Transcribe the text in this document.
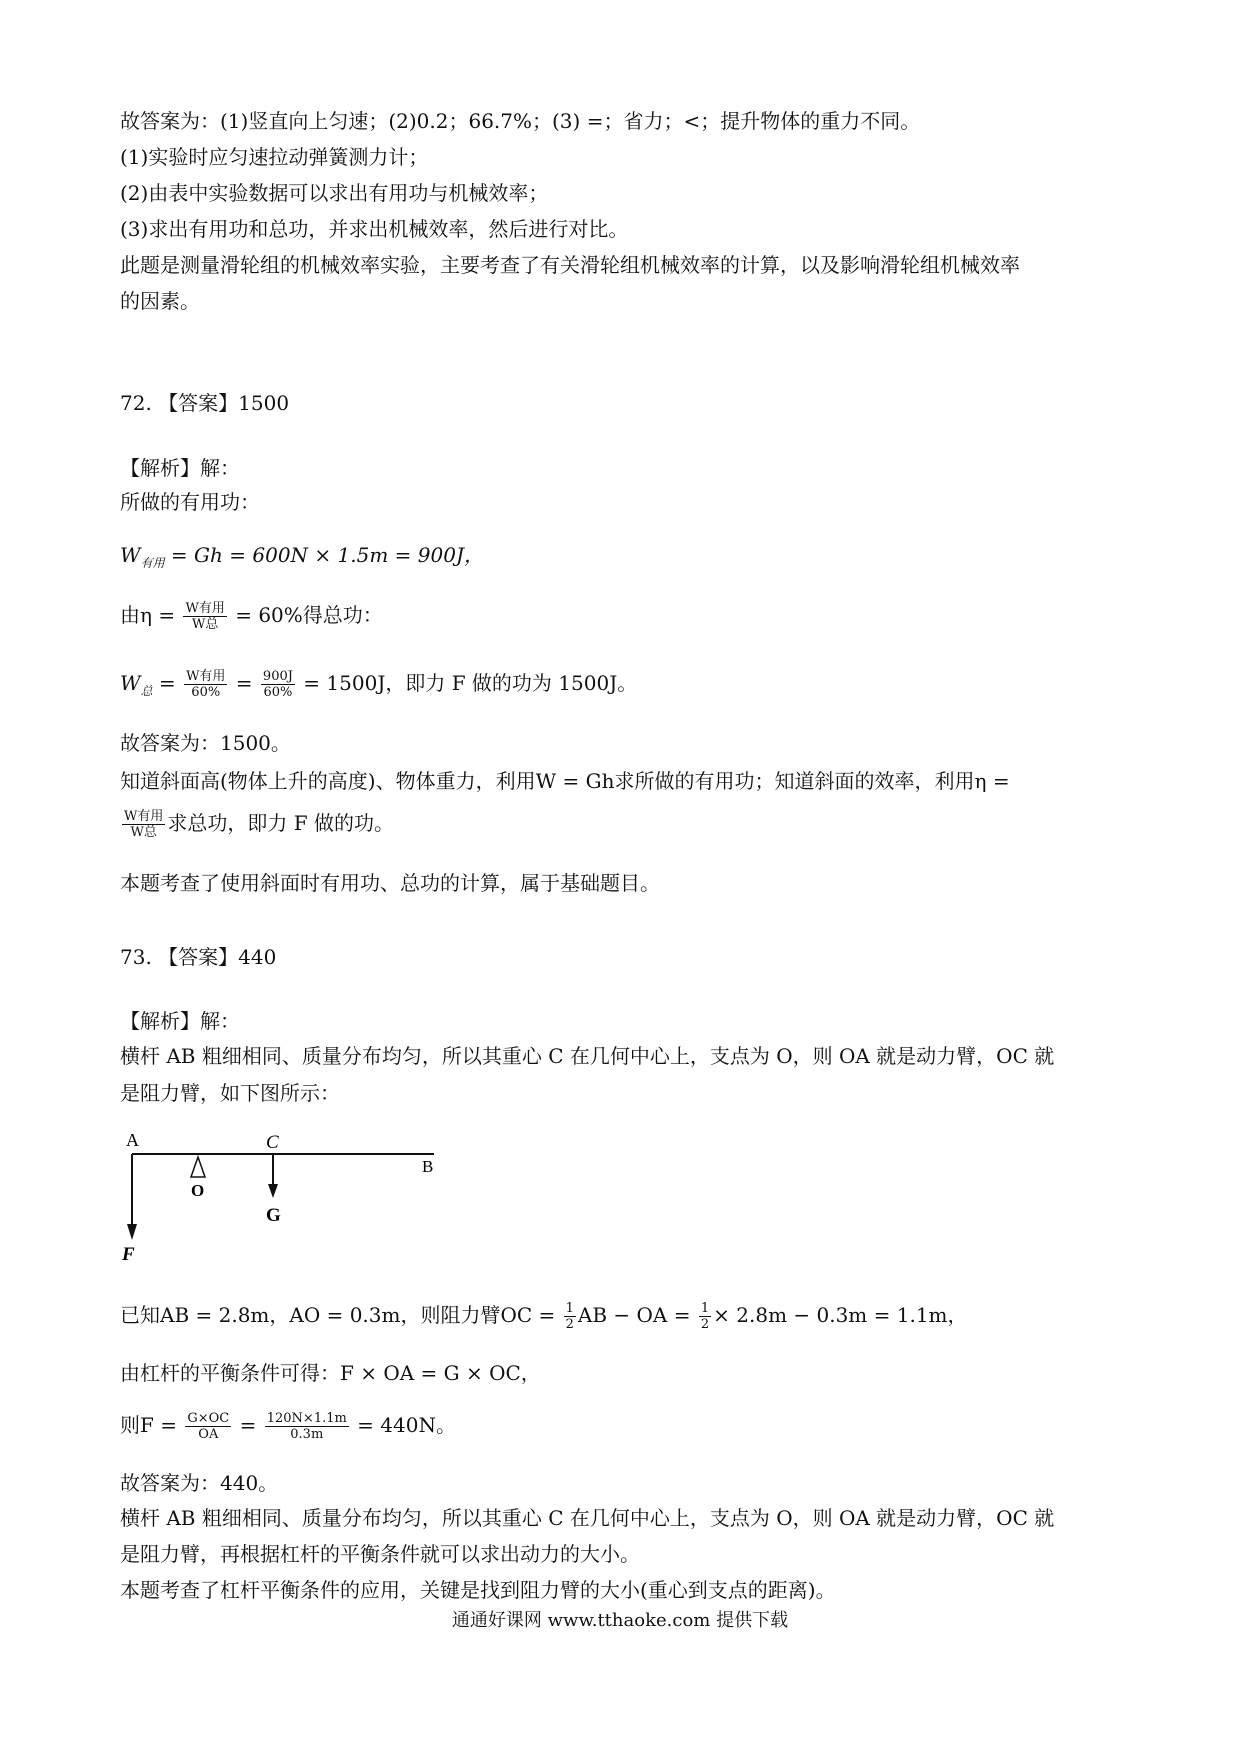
故答案为：(1)竖直向上匀速；(2)0.2；66.7%；(3) =；省力；<；提升物体的重力不同。
(1)实验时应匀速拉动弹簧测力计；
(2)由表中实验数据可以求出有用功与机械效率；
(3)求出有用功和总功，并求出机械效率，然后进行对比。
此题是测量滑轮组的机械效率实验，主要考查了有关滑轮组机械效率的计算，以及影响滑轮组机械效率
的因素。
72. 【答案】1500
【解析】解：
所做的有用功：
$W_{有用} = Gh = 600N \times 1.5m = 900J$，
由$\eta = \frac{\text{W有用}}{\text{W总}} = 60\%$得总功：
$W_总 = \frac{\text{W有用}}{60\%} = \frac{900J}{60\%} = 1500J$，即力 F 做的功为 1500J。
故答案为：1500。
知道斜面高(物体上升的高度)、物体重力，利用W = Gh求所做的有用功；知道斜面的效率，利用η =
$\frac{\text{W有用}}{\text{W总}}$ 求总功，即力 F 做的功。
本题考查了使用斜面时有用功、总功的计算，属于基础题目。
73. 【答案】440
【解析】解：
横杆 AB 粗细相同、质量分布均匀，所以其重心 C 在几何中心上，支点为 O，则 OA 就是动力臂，OC 就
是阻力臂，如下图所示：
A	C
B
O
G
F
已知AB = 2.8m，AO = 0.3m，则阻力臂OC = $\frac{1}{2}$ AB − OA = $\frac{1}{2} \times 2.8m - 0.3m = 1.1m$，
由杠杆的平衡条件可得：F × OA = G × OC，
则$F = \frac{G\times OC}{OA} = \frac{120N\times 1.1m}{0.3m} = 440N$。
故答案为：440。
横杆 AB 粗细相同、质量分布均匀，所以其重心 C 在几何中心上，支点为 O，则 OA 就是动力臂，OC 就
是阻力臂，再根据杠杆的平衡条件就可以求出动力的大小。
本题考查了杠杆平衡条件的应用，关键是找到阻力臂的大小(重心到支点的距离)。
通通好课网 www.tthaoke.com 提供下载
